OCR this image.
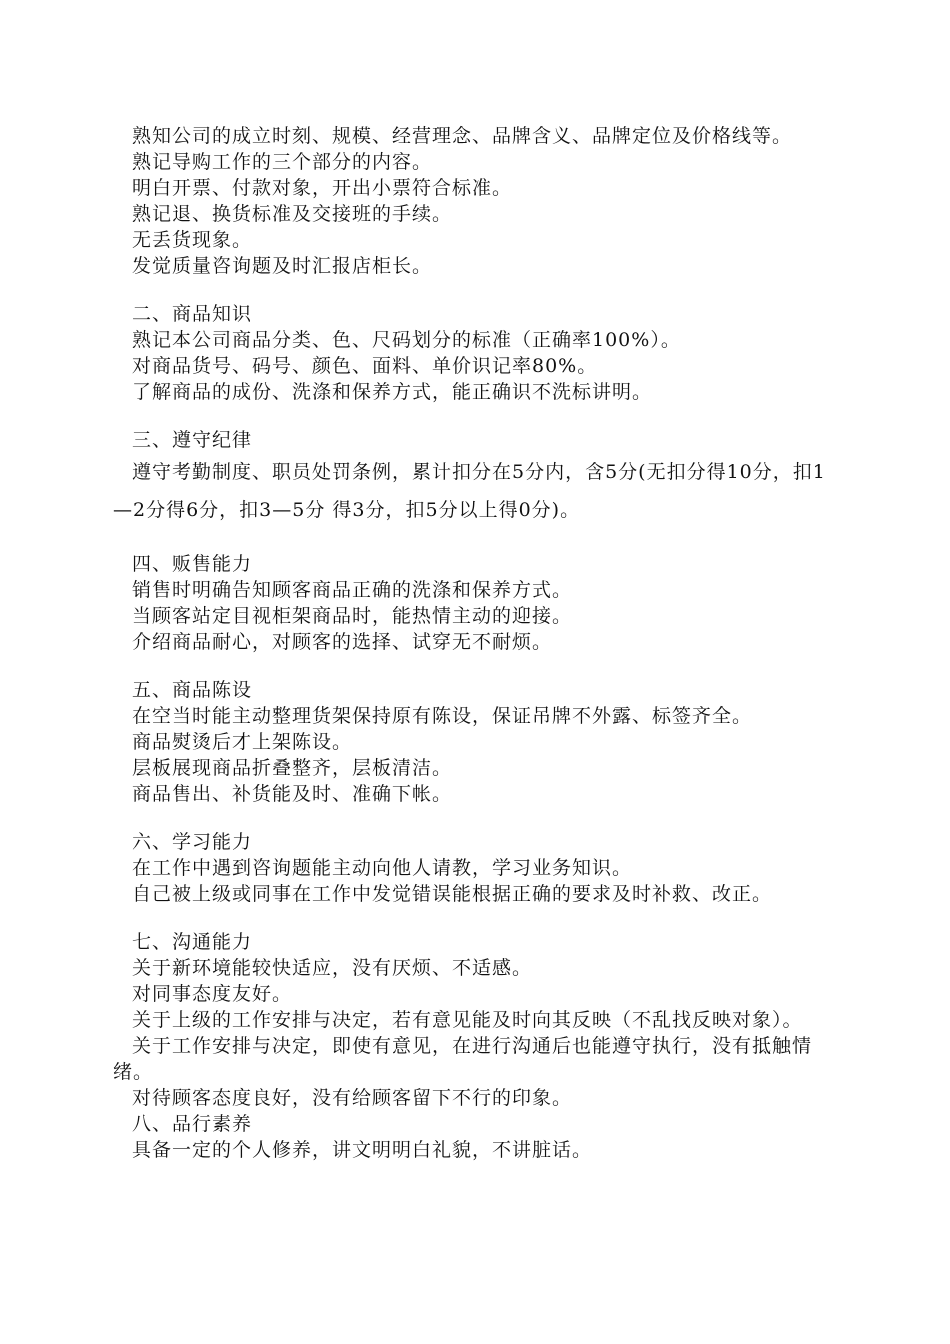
熟知公司的成立时刻、规模、经营理念、品牌含义、品牌定位及价格线等。
熟记导购工作的三个部分的内容。
明白开票、付款对象，开出小票符合标准。
熟记退、换货标准及交接班的手续。
无丢货现象。
发觉质量咨询题及时汇报店柜长。
二、商品知识
熟记本公司商品分类、色、尺码划分的标准（正确率100%）。
对商品货号、码号、颜色、面料、单价识记率80%。
了解商品的成份、洗涤和保养方式，能正确识不洗标讲明。
三、遵守纪律
遵守考勤制度、职员处罚条例，累计扣分在5分内，含5分(无扣分得10分，扣1—2分得6分，扣3—5分 得3分，扣5分以上得0分)。
四、贩售能力
销售时明确告知顾客商品正确的洗涤和保养方式。
当顾客站定目视柜架商品时，能热情主动的迎接。
介绍商品耐心，对顾客的选择、试穿无不耐烦。
五、商品陈设
在空当时能主动整理货架保持原有陈设，保证吊牌不外露、标签齐全。
商品熨烫后才上架陈设。
层板展现商品折叠整齐，层板清洁。
商品售出、补货能及时、准确下帐。
六、学习能力
在工作中遇到咨询题能主动向他人请教，学习业务知识。
自己被上级或同事在工作中发觉错误能根据正确的要求及时补救、改正。
七、沟通能力
关于新环境能较快适应，没有厌烦、不适感。
对同事态度友好。
关于上级的工作安排与决定，若有意见能及时向其反映（不乱找反映对象）。
关于工作安排与决定，即使有意见，在进行沟通后也能遵守执行，没有抵触情绪。
对待顾客态度良好，没有给顾客留下不行的印象。
八、品行素养
具备一定的个人修养，讲文明明白礼貌，不讲脏话。
